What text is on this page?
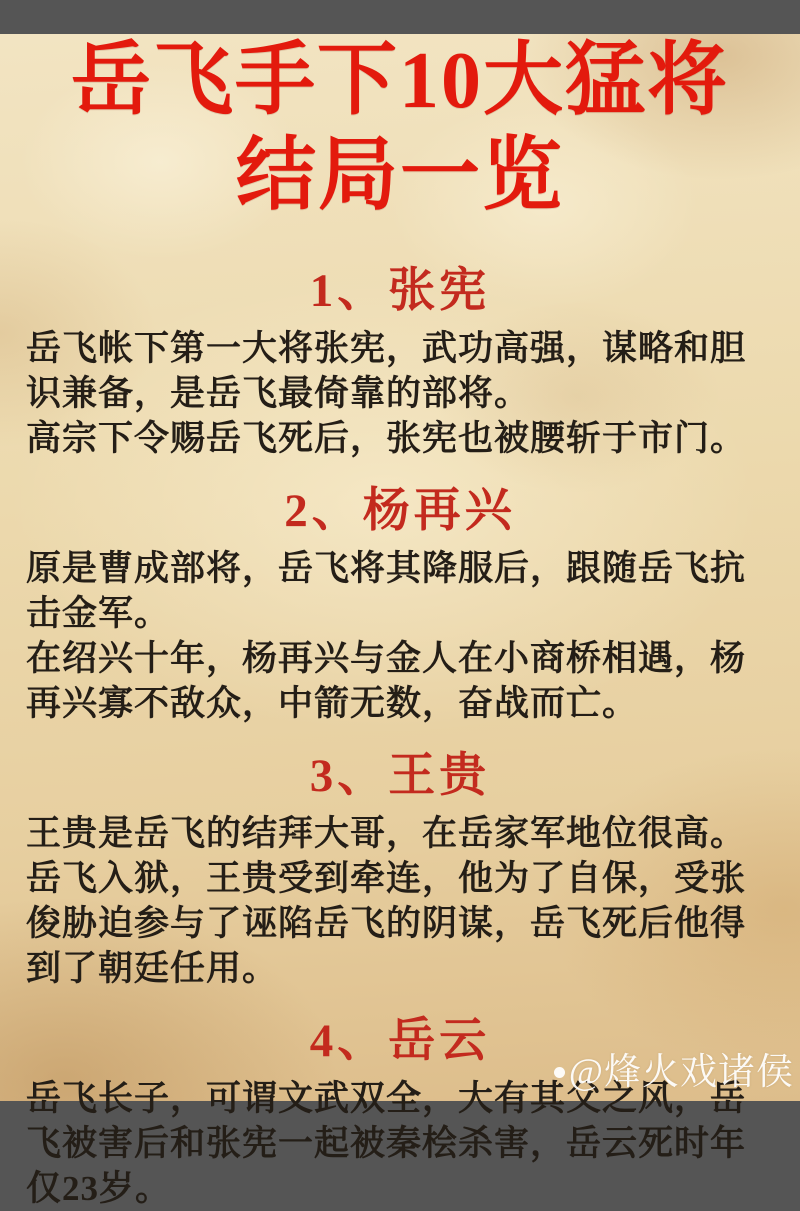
岳飞手下10大猛将
结局一览
1、张宪

岳飞帐下第一大将张宪，武功高强，谋略和胆识兼备，是岳飞最倚靠的部将。

高宗下令赐岳飞死后，张宪也被腰斩于市门。

2、杨再兴

原是曹成部将，岳飞将其降服后，跟随岳飞抗击金军。

在绍兴十年，杨再兴与金人在小商桥相遇，杨再兴寡不敌众，中箭无数，奋战而亡。

3、王贵

王贵是岳飞的结拜大哥，在岳家军地位很高。

岳飞入狱，王贵受到牵连，他为了自保，受张俊胁迫参与了诬陷岳飞的阴谋，岳飞死后他得到了朝廷任用。

4、岳云

岳飞长子，可谓文武双全，大有其父之风，岳飞被害后和张宪一起被秦桧杀害，岳云死时年仅23岁。

@烽火戏诸侯
